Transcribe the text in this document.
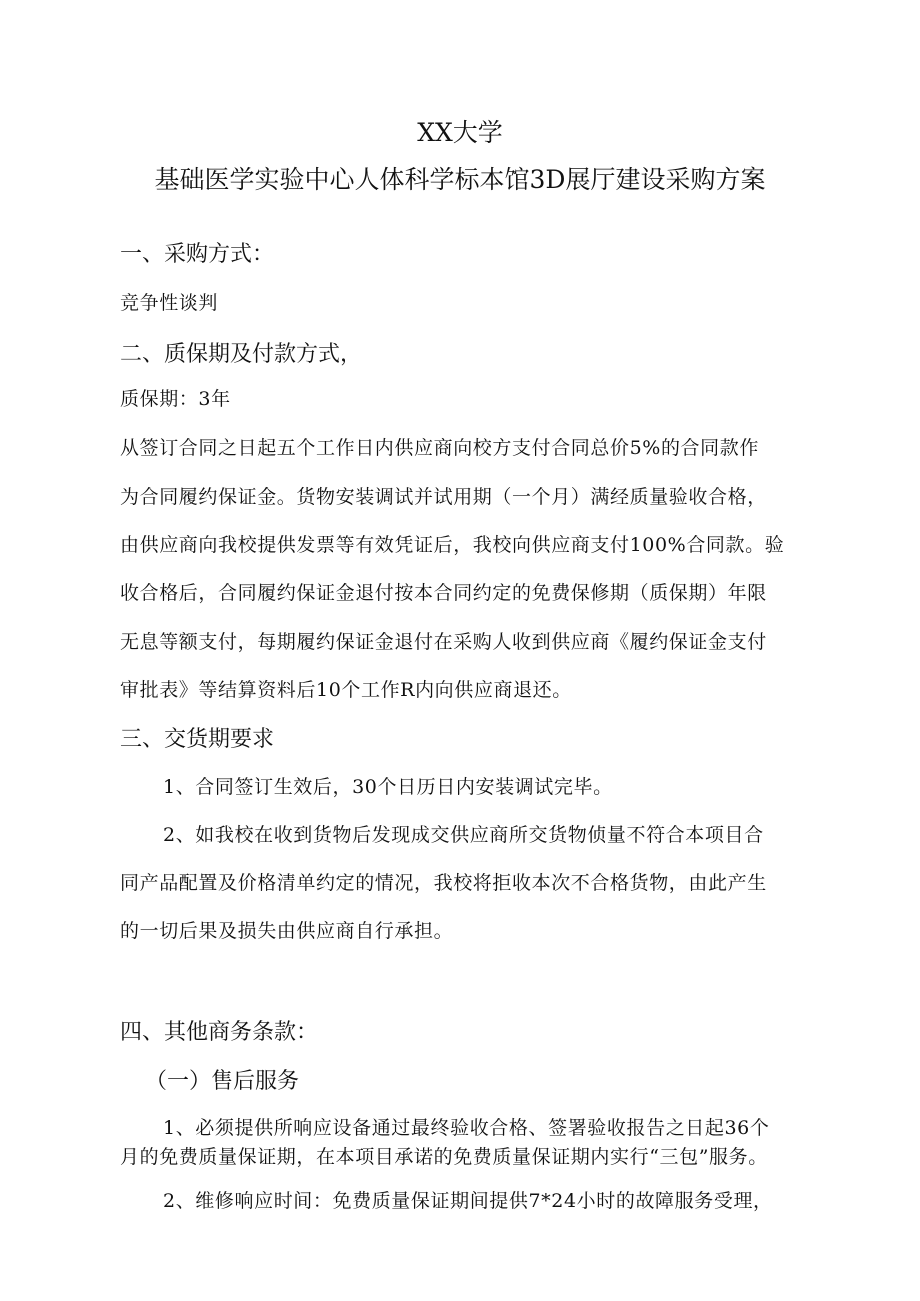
XX大学
基础医学实验中心人体科学标本馆3D展厅建设采购方案
一、采购方式：
竞争性谈判
二、质保期及付款方式，
质保期：3年
从签订合同之日起五个工作日内供应商向校方支付合同总价5%的合同款作
为合同履约保证金。货物安装调试并试用期（一个月）满经质量验收合格，
由供应商向我校提供发票等有效凭证后，我校向供应商支付100%合同款。验
收合格后，合同履约保证金退付按本合同约定的免费保修期（质保期）年限
无息等额支付，每期履约保证金退付在采购人收到供应商《履约保证金支付
审批表》等结算资料后10个工作R内向供应商退还。
三、交货期要求
1、合同签订生效后，30个日历日内安装调试完毕。
2、如我校在收到货物后发现成交供应商所交货物侦量不符合本项目合
同产品配置及价格清单约定的情况，我校将拒收本次不合格货物，由此产生
的一切后果及损失由供应商自行承担。
四、其他商务条款：
（一）售后服务
1、必须提供所响应设备通过最终验收合格、签署验收报告之日起36个
月的免费质量保证期，在本项目承诺的免费质量保证期内实行“三包”服务。
2、维修响应时间：免费质量保证期间提供7*24小时的故障服务受理，
